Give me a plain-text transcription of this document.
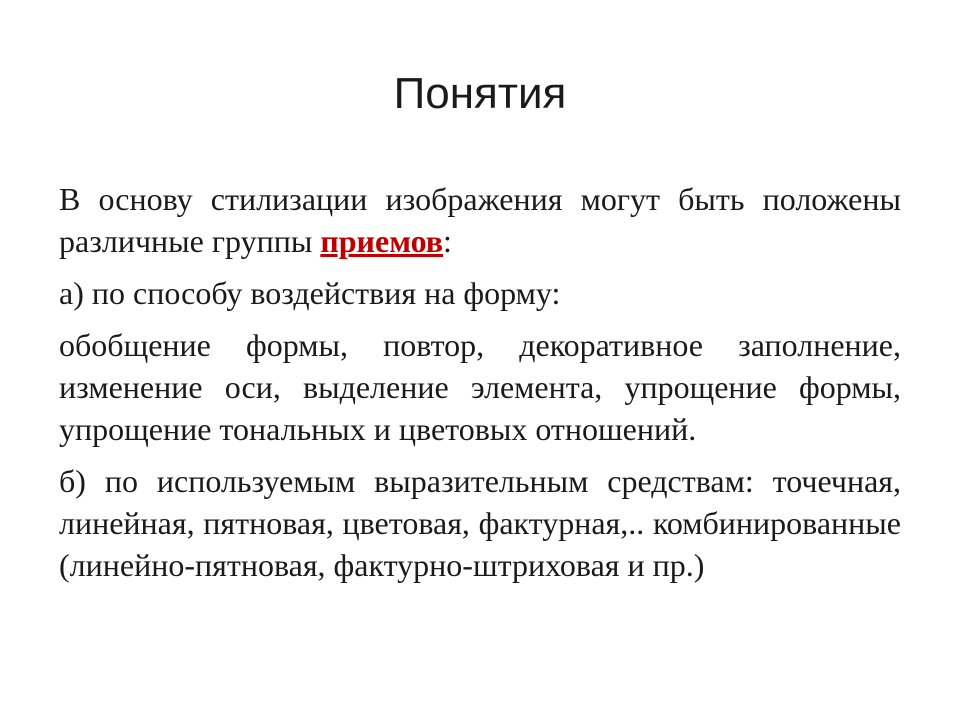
Понятия

В основу стилизации изображения могут быть положены различные группы приемов:

а) по способу воздействия на форму:

обобщение формы, повтор, декоративное заполнение, изменение оси, выделение элемента, упрощение формы, упрощение тональных и цветовых отношений.

б) по используемым выразительным средствам: точечная, линейная, пятновая, цветовая, фактурная,.. комбинированные (линейно-пятновая, фактурно-штриховая и пр.)
